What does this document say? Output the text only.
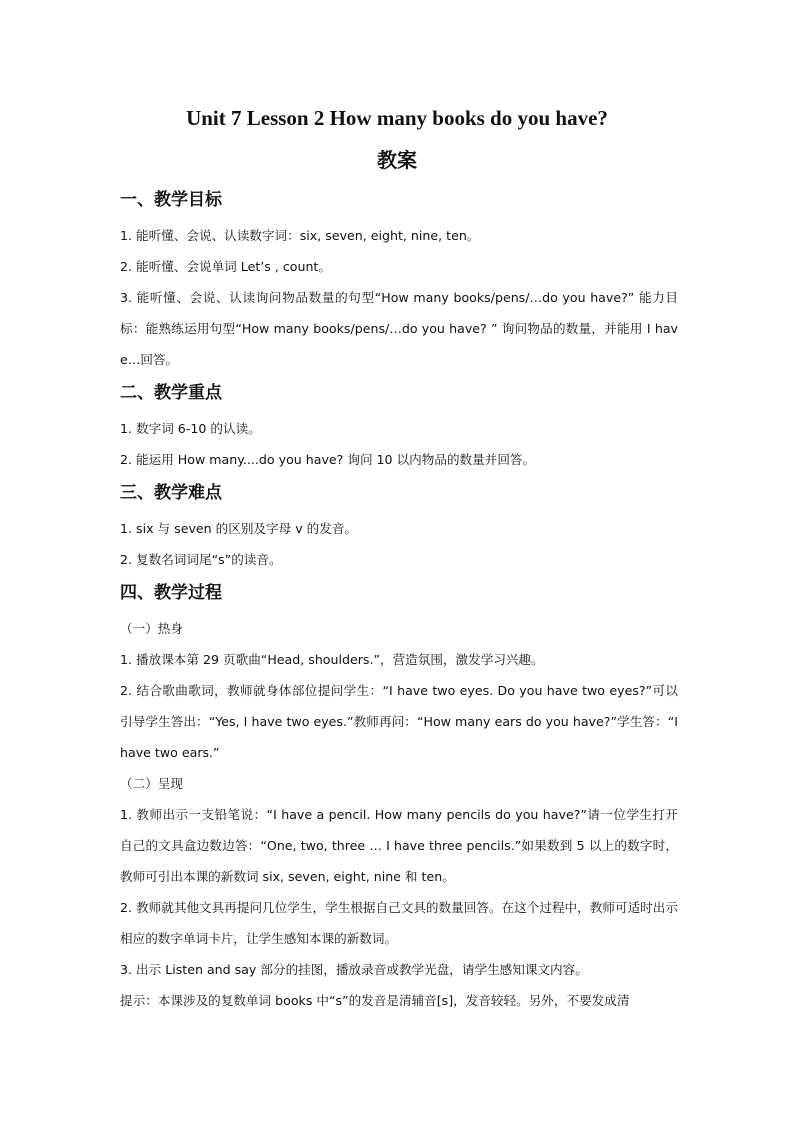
Unit 7 Lesson 2 How many books do you have?
教案
一、教学目标

1. 能听懂、会说、认读数字词：six, seven, eight, nine, ten。

2. 能听懂、会说单词 Let’s , count。

3. 能听懂、会说、认读询问物品数量的句型“How many books/pens/…do you have?” 能力目标：能熟练运用句型“How many books/pens/…do you have? ” 询问物品的数量，并能用 I have…回答。

二、教学重点

1. 数字词 6-10 的认读。

2. 能运用 How many....do you have? 询问 10 以内物品的数量并回答。

三、教学难点

1. six 与 seven 的区别及字母 v 的发音。

2. 复数名词词尾“s”的读音。

四、教学过程

（一）热身

1. 播放课本第 29 页歌曲“Head, shoulders.”，营造氛围，激发学习兴趣。

2. 结合歌曲歌词，教师就身体部位提问学生：“I have two eyes. Do you have two eyes?”可以引导学生答出：“Yes, I have two eyes.”教师再问：“How many ears do you have?”学生答：“I have two ears.”

（二）呈现

1. 教师出示一支铅笔说：“I have a pencil. How many pencils do you have?”请一位学生打开自己的文具盒边数边答：“One, two, three … I have three pencils.”如果数到 5 以上的数字时，教师可引出本课的新数词 six, seven, eight, nine 和 ten。

2. 教师就其他文具再提问几位学生，学生根据自己文具的数量回答。在这个过程中，教师可适时出示相应的数字单词卡片，让学生感知本课的新数词。

3. 出示 Listen and say 部分的挂图，播放录音或教学光盘，请学生感知课文内容。

提示：本课涉及的复数单词 books 中“s”的发音是清辅音[s]，发音较轻。另外，不要发成清
